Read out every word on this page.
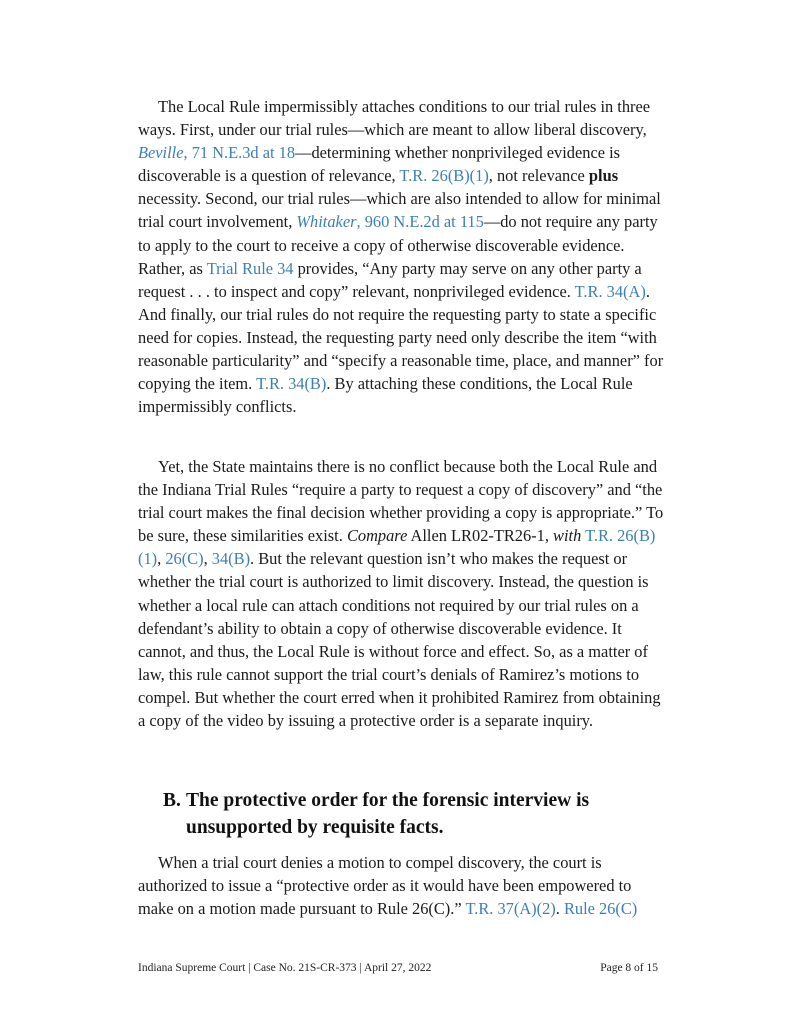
The Local Rule impermissibly attaches conditions to our trial rules in three ways. First, under our trial rules—which are meant to allow liberal discovery, Beville, 71 N.E.3d at 18—determining whether nonprivileged evidence is discoverable is a question of relevance, T.R. 26(B)(1), not relevance plus necessity. Second, our trial rules—which are also intended to allow for minimal trial court involvement, Whitaker, 960 N.E.2d at 115—do not require any party to apply to the court to receive a copy of otherwise discoverable evidence. Rather, as Trial Rule 34 provides, “Any party may serve on any other party a request . . . to inspect and copy” relevant, nonprivileged evidence. T.R. 34(A). And finally, our trial rules do not require the requesting party to state a specific need for copies. Instead, the requesting party need only describe the item “with reasonable particularity” and “specify a reasonable time, place, and manner” for copying the item. T.R. 34(B). By attaching these conditions, the Local Rule impermissibly conflicts.

Yet, the State maintains there is no conflict because both the Local Rule and the Indiana Trial Rules “require a party to request a copy of discovery” and “the trial court makes the final decision whether providing a copy is appropriate.” To be sure, these similarities exist. Compare Allen LR02-TR26-1, with T.R. 26(B)(1), 26(C), 34(B). But the relevant question isn’t who makes the request or whether the trial court is authorized to limit discovery. Instead, the question is whether a local rule can attach conditions not required by our trial rules on a defendant’s ability to obtain a copy of otherwise discoverable evidence. It cannot, and thus, the Local Rule is without force and effect. So, as a matter of law, this rule cannot support the trial court’s denials of Ramirez’s motions to compel. But whether the court erred when it prohibited Ramirez from obtaining a copy of the video by issuing a protective order is a separate inquiry.

B. The protective order for the forensic interview is unsupported by requisite facts.

When a trial court denies a motion to compel discovery, the court is authorized to issue a “protective order as it would have been empowered to make on a motion made pursuant to Rule 26(C).” T.R. 37(A)(2). Rule 26(C)

Indiana Supreme Court | Case No. 21S-CR-373 | April 27, 2022	Page 8 of 15
